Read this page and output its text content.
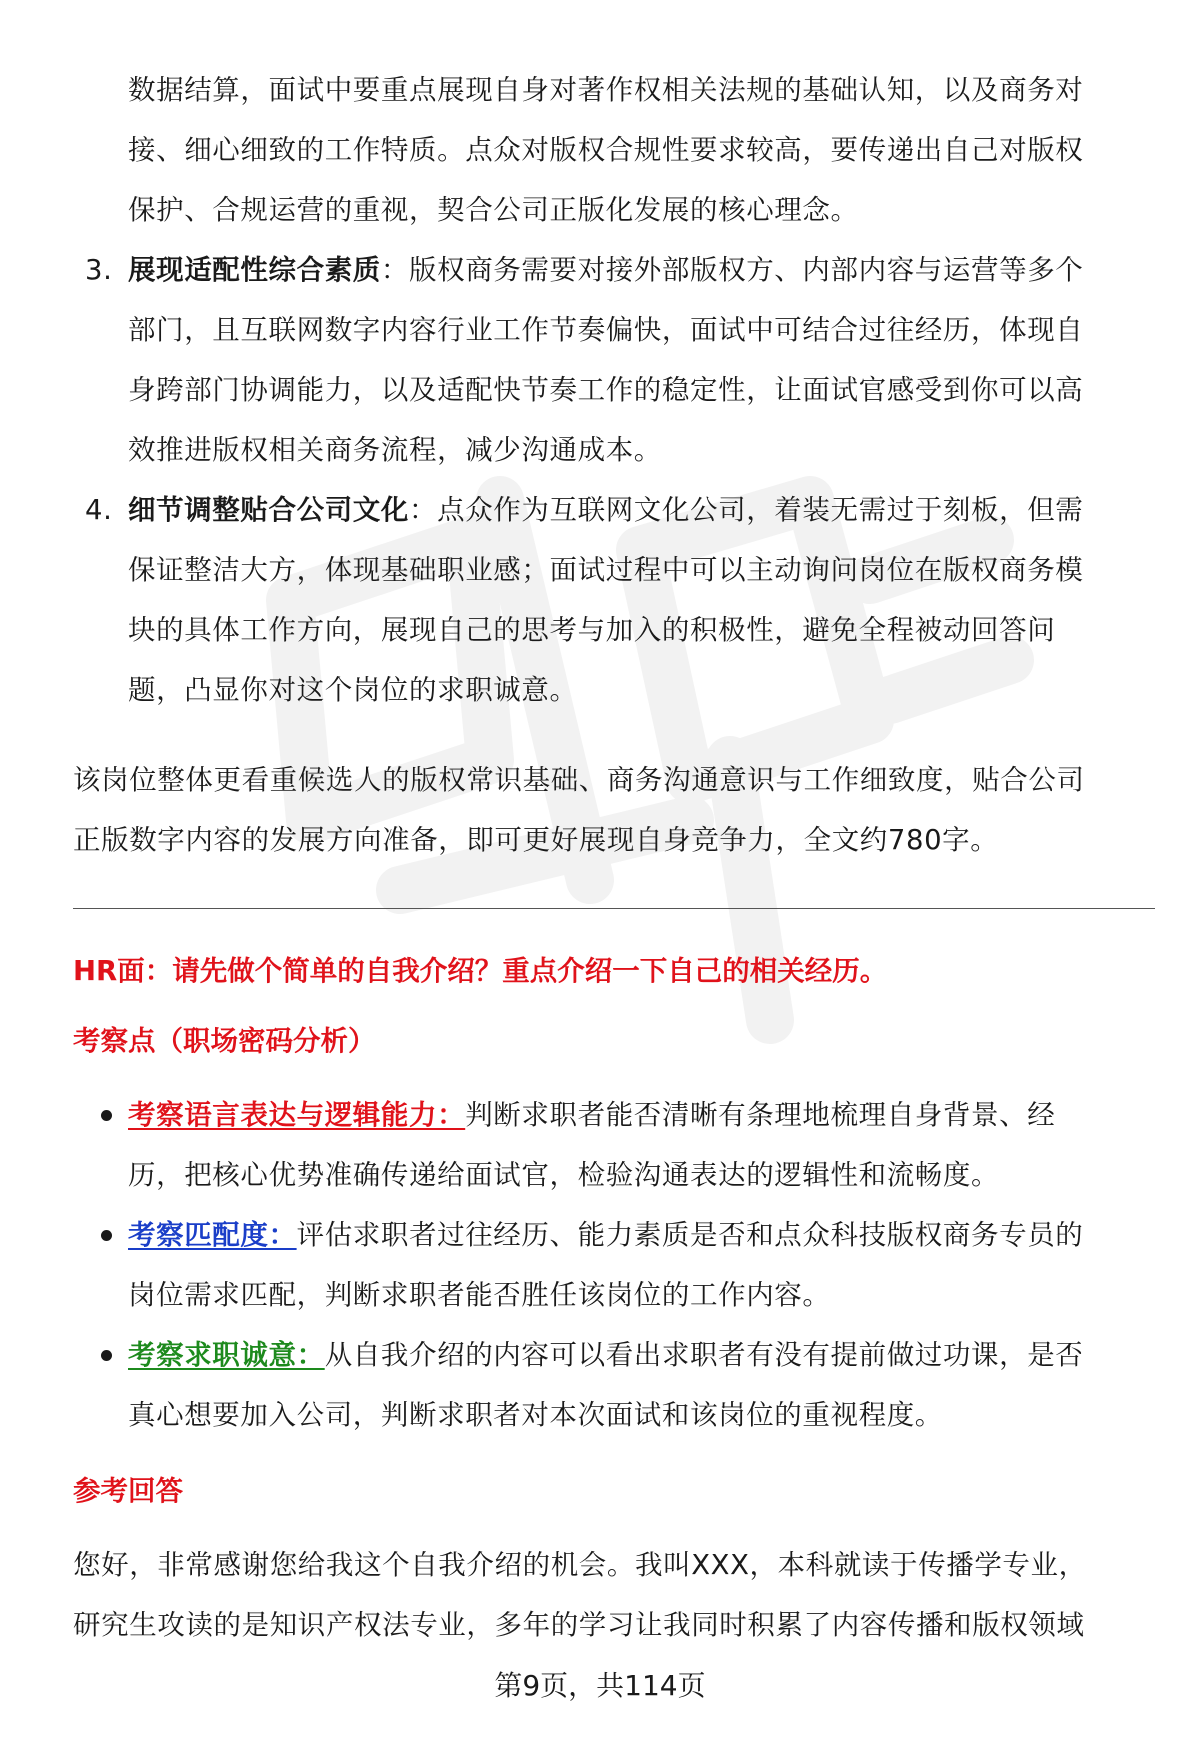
数据结算，面试中要重点展现自身对著作权相关法规的基础认知，以及商务对

接、细心细致的工作特质。点众对版权合规性要求较高，要传递出自己对版权

保护、合规运营的重视，契合公司正版化发展的核心理念。

3. 展现适配性综合素质：版权商务需要对接外部版权方、内部内容与运营等多个

部门，且互联网数字内容行业工作节奏偏快，面试中可结合过往经历，体现自

身跨部门协调能力，以及适配快节奏工作的稳定性，让面试官感受到你可以高

效推进版权相关商务流程，减少沟通成本。

4. 细节调整贴合公司文化：点众作为互联网文化公司，着装无需过于刻板，但需

保证整洁大方，体现基础职业感；面试过程中可以主动询问岗位在版权商务模

块的具体工作方向，展现自己的思考与加入的积极性，避免全程被动回答问

题，凸显你对这个岗位的求职诚意。

该岗位整体更看重候选人的版权常识基础、商务沟通意识与工作细致度，贴合公司

正版数字内容的发展方向准备，即可更好展现自身竞争力，全文约780字。

HR面：请先做个简单的自我介绍？重点介绍一下自己的相关经历。

考察点（职场密码分析）

考察语言表达与逻辑能力：判断求职者能否清晰有条理地梳理自身背景、经

历，把核心优势准确传递给面试官，检验沟通表达的逻辑性和流畅度。

考察匹配度：评估求职者过往经历、能力素质是否和点众科技版权商务专员的

岗位需求匹配，判断求职者能否胜任该岗位的工作内容。

考察求职诚意：从自我介绍的内容可以看出求职者有没有提前做过功课，是否

真心想要加入公司，判断求职者对本次面试和该岗位的重视程度。

参考回答

您好，非常感谢您给我这个自我介绍的机会。我叫XXX，本科就读于传播学专业，

研究生攻读的是知识产权法专业，多年的学习让我同时积累了内容传播和版权领域

第9页，共114页
